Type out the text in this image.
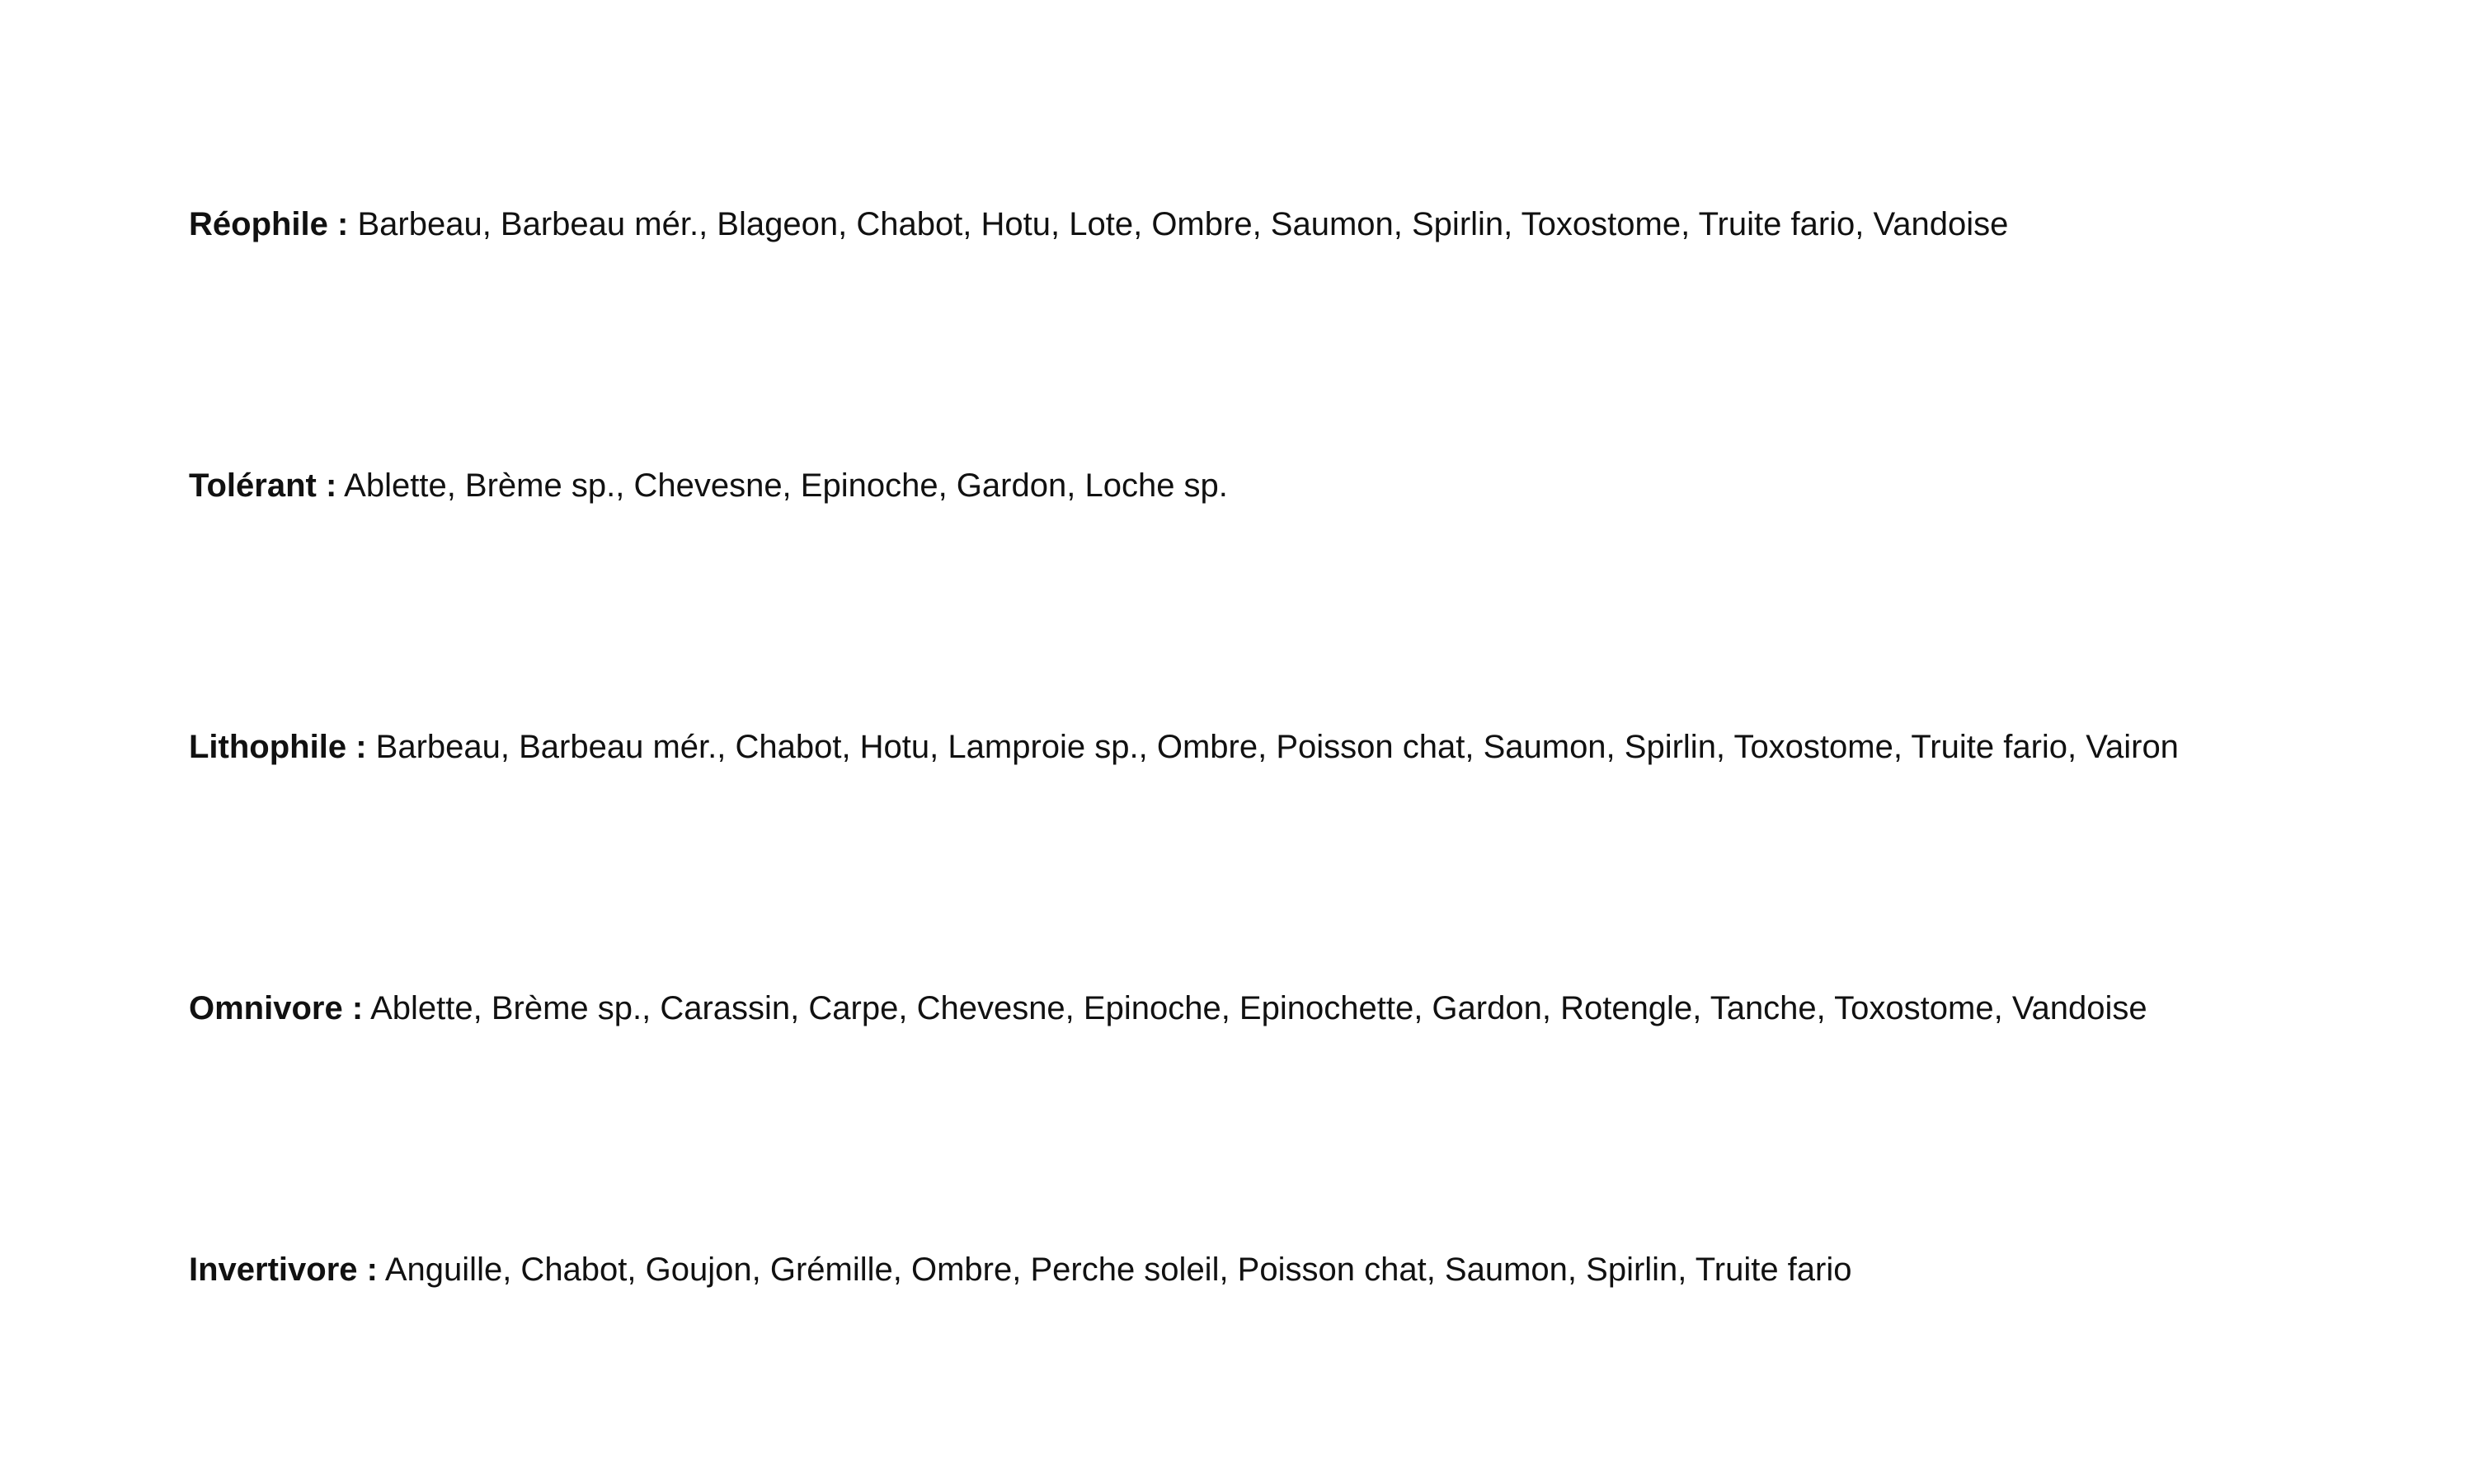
Réophile : Barbeau, Barbeau mér., Blageon, Chabot, Hotu, Lote, Ombre, Saumon, Spirlin, Toxostome, Truite fario, Vandoise

Tolérant : Ablette, Brème sp., Chevesne, Epinoche, Gardon, Loche sp.

Lithophile : Barbeau, Barbeau mér., Chabot, Hotu, Lamproie sp., Ombre, Poisson chat, Saumon, Spirlin, Toxostome, Truite fario, Vairon

Omnivore : Ablette, Brème sp., Carassin, Carpe, Chevesne, Epinoche, Epinochette, Gardon, Rotengle, Tanche, Toxostome, Vandoise

Invertivore : Anguille, Chabot, Goujon, Grémille, Ombre, Perche soleil, Poisson chat, Saumon, Spirlin, Truite fario
